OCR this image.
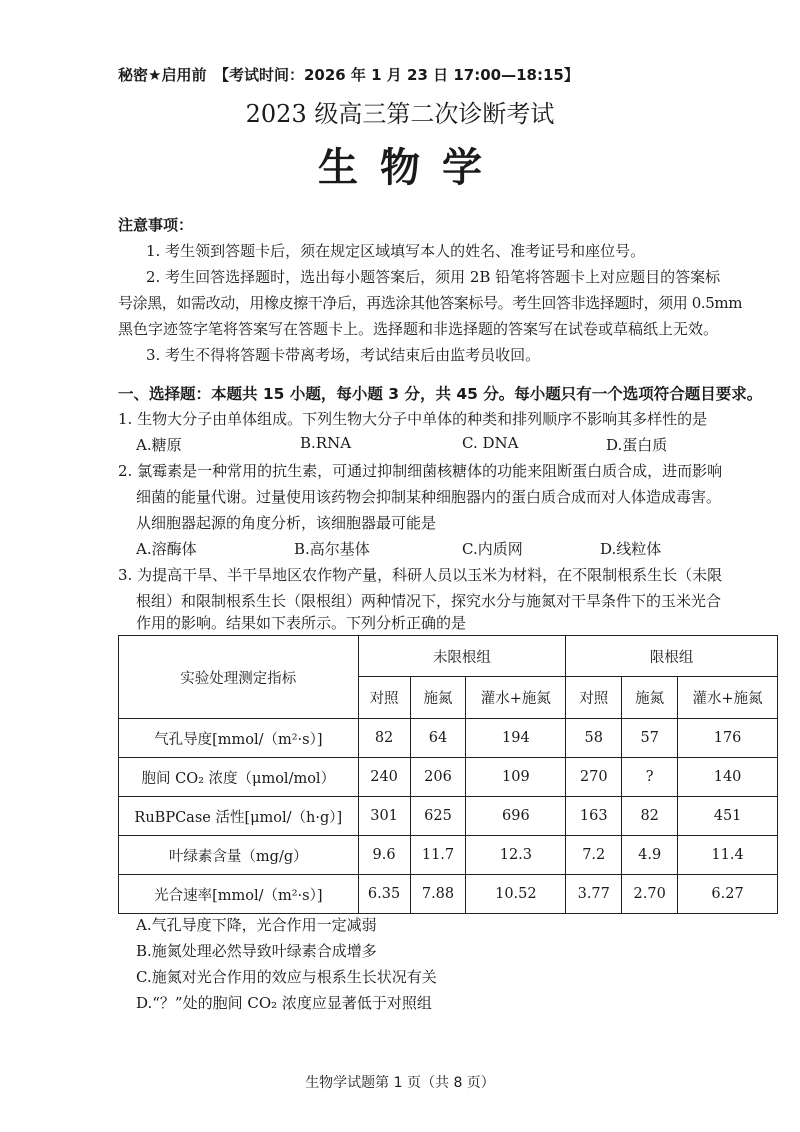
秘密★启用前　【考试时间：2026 年 1 月 23 日 17:00—18:15】
2023 级高三第二次诊断考试
生物学
注意事项：
1. 考生领到答题卡后，须在规定区域填写本人的姓名、准考证号和座位号。
2. 考生回答选择题时，选出每小题答案后，须用 2B 铅笔将答题卡上对应题目的答案标
号涂黑，如需改动，用橡皮擦干净后，再选涂其他答案标号。考生回答非选择题时，须用 0.5mm
黑色字迹签字笔将答案写在答题卡上。选择题和非选择题的答案写在试卷或草稿纸上无效。
3. 考生不得将答题卡带离考场，考试结束后由监考员收回。
一、选择题：本题共 15 小题，每小题 3 分，共 45 分。每小题只有一个选项符合题目要求。
1. 生物大分子由单体组成。下列生物大分子中单体的种类和排列顺序不影响其多样性的是
A.糖原	B.RNA	C. DNA	D.蛋白质
2. 氯霉素是一种常用的抗生素，可通过抑制细菌核糖体的功能来阻断蛋白质合成，进而影响
细菌的能量代谢。过量使用该药物会抑制某种细胞器内的蛋白质合成而对人体造成毒害。
从细胞器起源的角度分析，该细胞器最可能是
A.溶酶体	B.高尔基体	C.内质网	D.线粒体
3. 为提高干旱、半干旱地区农作物产量，科研人员以玉米为材料，在不限制根系生长（未限
根组）和限制根系生长（限根组）两种情况下，探究水分与施氮对干旱条件下的玉米光合
作用的影响。结果如下表所示。下列分析正确的是
实验处理测定指标	未限根组			限根组		
	对照	施氮	灌水+施氮	对照	施氮	灌水+施氮
气孔导度[mmol/（m²·s）]	82	64	194	58	57	176
胞间 CO₂ 浓度（μmol/mol）	240	206	109	270	?	140
RuBPCase 活性[μmol/（h·g）]	301	625	696	163	82	451
叶绿素含量（mg/g）	9.6	11.7	12.3	7.2	4.9	11.4
光合速率[mmol/（m²·s）]	6.35	7.88	10.52	3.77	2.70	6.27
A.气孔导度下降，光合作用一定减弱
B.施氮处理必然导致叶绿素合成增多
C.施氮对光合作用的效应与根系生长状况有关
D.“？”处的胞间 CO₂ 浓度应显著低于对照组
生物学试题第 1 页（共 8 页）
